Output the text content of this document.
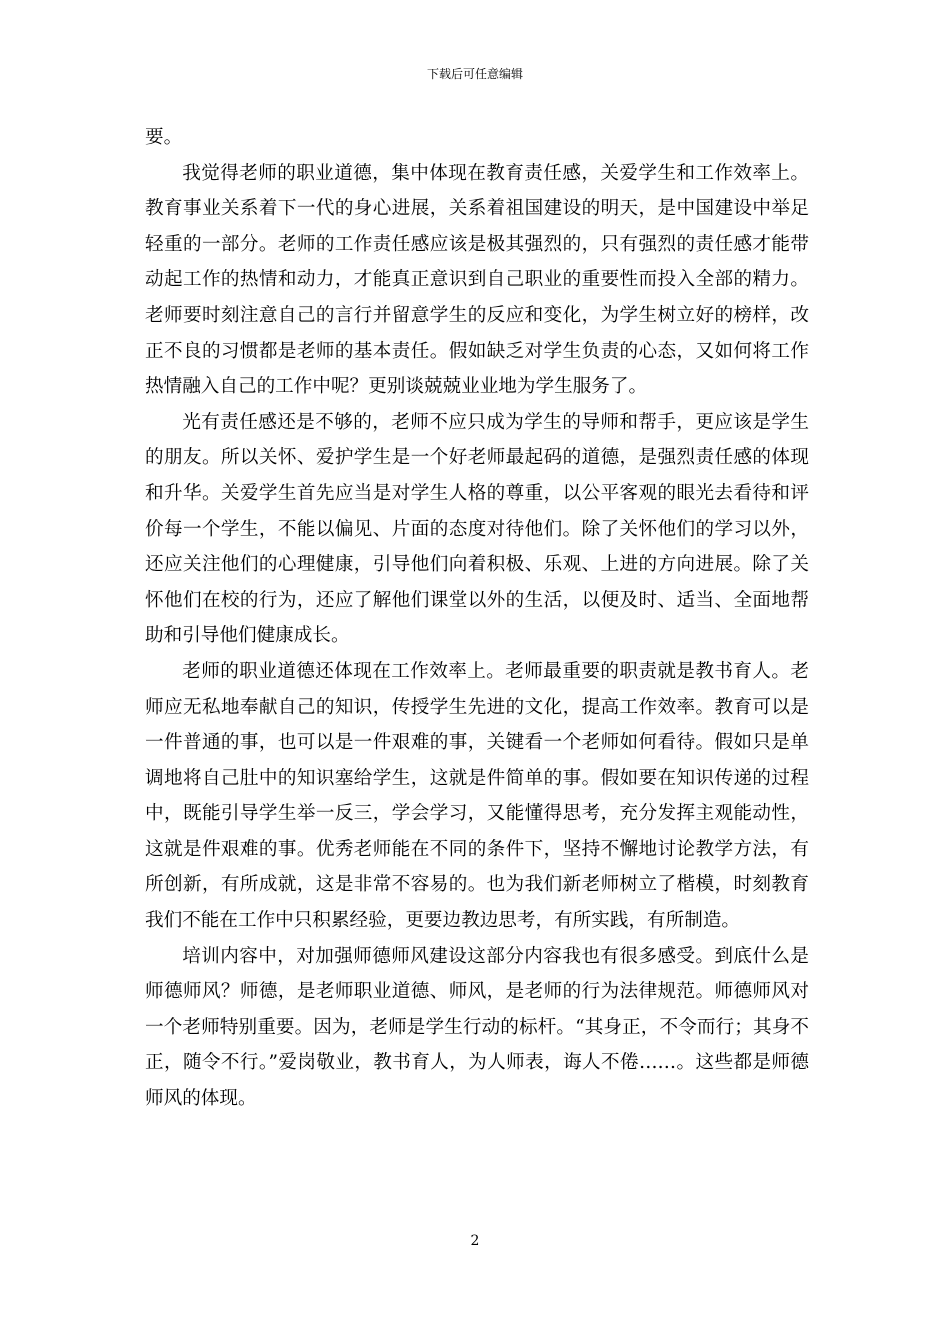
下载后可任意编辑

要。

我觉得老师的职业道德，集中体现在教育责任感，关爱学生和工作效率上。教育事业关系着下一代的身心进展，关系着祖国建设的明天，是中国建设中举足轻重的一部分。老师的工作责任感应该是极其强烈的，只有强烈的责任感才能带动起工作的热情和动力，才能真正意识到自己职业的重要性而投入全部的精力。老师要时刻注意自己的言行并留意学生的反应和变化，为学生树立好的榜样，改正不良的习惯都是老师的基本责任。假如缺乏对学生负责的心态，又如何将工作热情融入自己的工作中呢？更别谈兢兢业业地为学生服务了。

光有责任感还是不够的，老师不应只成为学生的导师和帮手，更应该是学生的朋友。所以关怀、爱护学生是一个好老师最起码的道德，是强烈责任感的体现和升华。关爱学生首先应当是对学生人格的尊重，以公平客观的眼光去看待和评价每一个学生，不能以偏见、片面的态度对待他们。除了关怀他们的学习以外，还应关注他们的心理健康，引导他们向着积极、乐观、上进的方向进展。除了关怀他们在校的行为，还应了解他们课堂以外的生活，以便及时、适当、全面地帮助和引导他们健康成长。

老师的职业道德还体现在工作效率上。老师最重要的职责就是教书育人。老师应无私地奉献自己的知识，传授学生先进的文化，提高工作效率。教育可以是一件普通的事，也可以是一件艰难的事，关键看一个老师如何看待。假如只是单调地将自己肚中的知识塞给学生，这就是件简单的事。假如要在知识传递的过程中，既能引导学生举一反三，学会学习，又能懂得思考，充分发挥主观能动性，这就是件艰难的事。优秀老师能在不同的条件下，坚持不懈地讨论教学方法，有所创新，有所成就，这是非常不容易的。也为我们新老师树立了楷模，时刻教育我们不能在工作中只积累经验，更要边教边思考，有所实践，有所制造。

培训内容中，对加强师德师风建设这部分内容我也有很多感受。到底什么是师德师风？师德，是老师职业道德、师风，是老师的行为法律规范。师德师风对一个老师特别重要。因为，老师是学生行动的标杆。“其身正，不令而行；其身不正，随令不行。”爱岗敬业，教书育人，为人师表，诲人不倦……。这些都是师德师风的体现。

2
